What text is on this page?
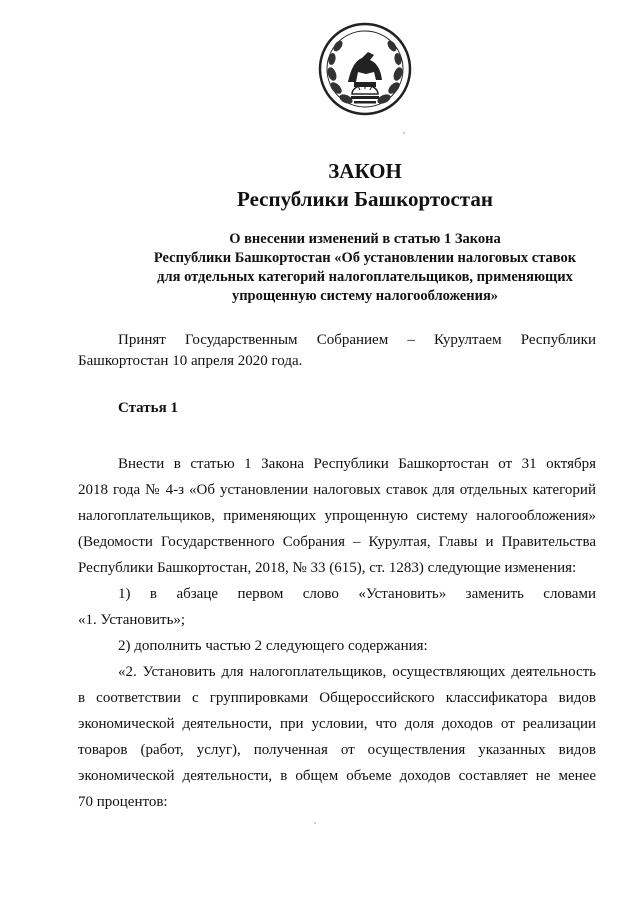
ЗАКОН
Республики Башкортостан
О внесении изменений в статью 1 Закона
Республики Башкортостан «Об установлении налоговых ставок
для отдельных категорий налогоплательщиков, применяющих
упрощенную систему налогообложения»
Принят Государственным Собранием – Курултаем Республики
Башкортостан 10 апреля 2020 года.
Статья 1
Внести в статью 1 Закона Республики Башкортостан от 31 октября
2018 года № 4-з «Об установлении налоговых ставок для отдельных категорий
налогоплательщиков, применяющих упрощенную систему налогообложения»
(Ведомости Государственного Собрания – Курултая, Главы и Правительства
Республики Башкортостан, 2018, № 33 (615), ст. 1283) следующие изменения:
1) в абзаце первом слово «Установить» заменить словами
«1. Установить»;
2) дополнить частью 2 следующего содержания:
«2. Установить для налогоплательщиков, осуществляющих деятельность
в соответствии с группировками Общероссийского классификатора видов
экономической деятельности, при условии, что доля доходов от реализации
товаров (работ, услуг), полученная от осуществления указанных видов
экономической деятельности, в общем объеме доходов составляет не менее
70 процентов:
